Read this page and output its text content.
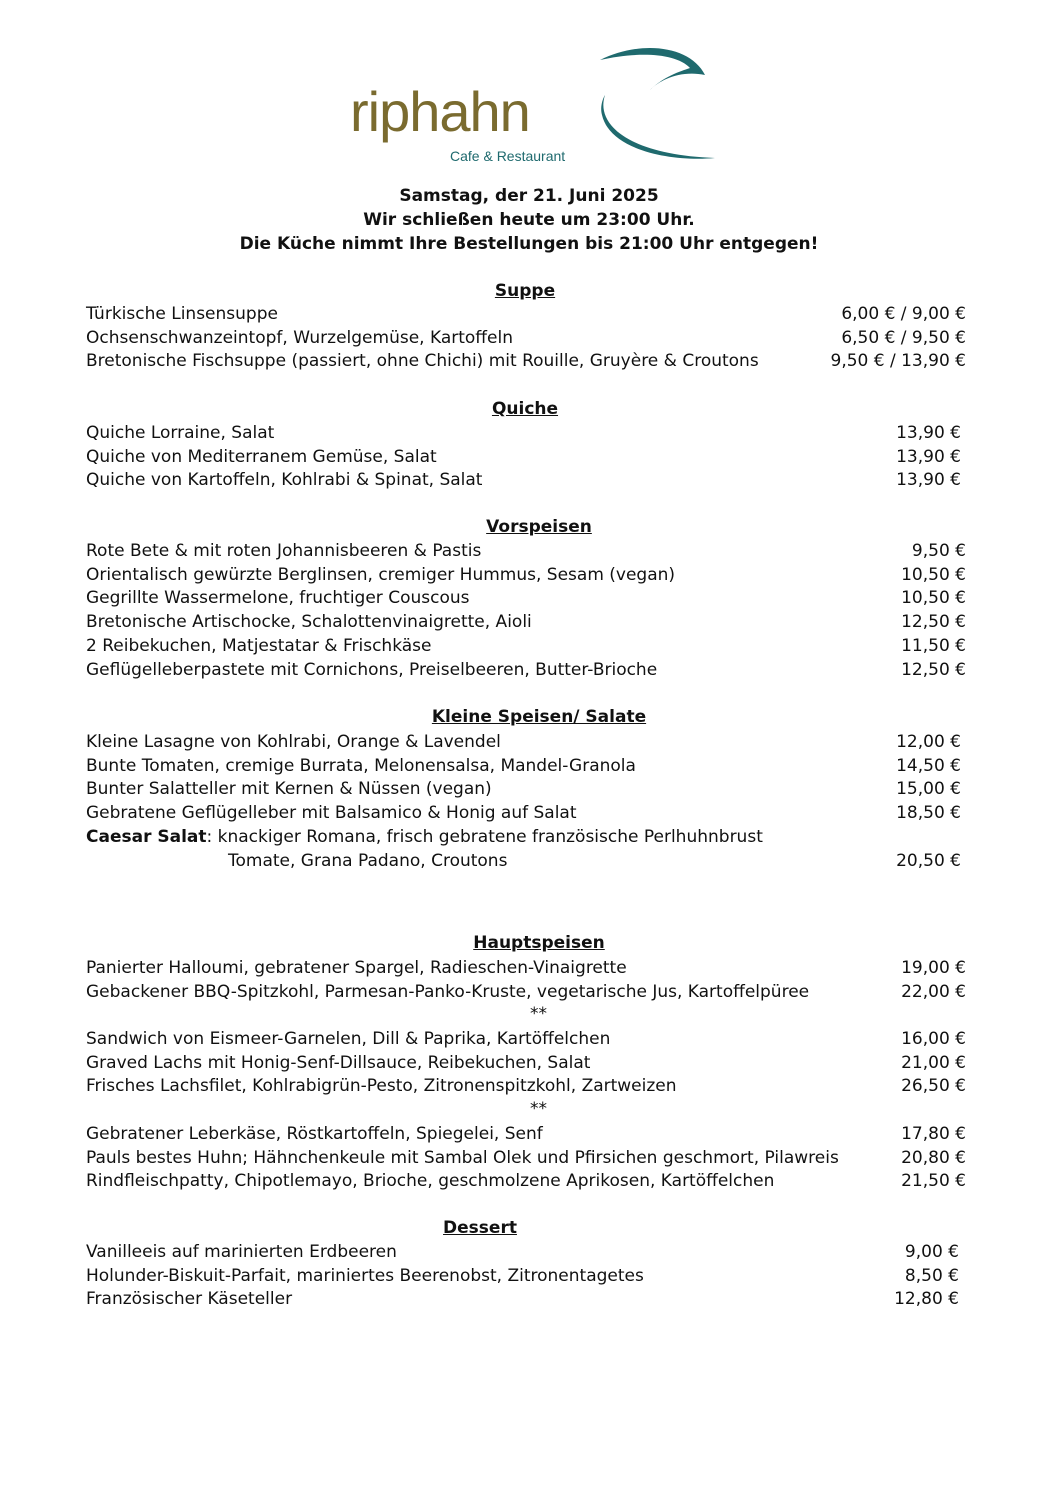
riphahn
Cafe & Restaurant
Samstag, der 21. Juni 2025
Wir schließen heute um 23:00 Uhr.
Die Küche nimmt Ihre Bestellungen bis 21:00 Uhr entgegen!
Suppe
Türkische Linsensuppe	6,00 € / 9,00 €
Ochsenschwanzeintopf, Wurzelgemüse, Kartoffeln	6,50 € / 9,50 €
Bretonische Fischsuppe (passiert, ohne Chichi) mit Rouille, Gruyère & Croutons	9,50 € / 13,90 €
Quiche
Quiche Lorraine, Salat	13,90 €
Quiche von Mediterranem Gemüse, Salat	13,90 €
Quiche von Kartoffeln, Kohlrabi & Spinat, Salat	13,90 €
Vorspeisen
Rote Bete & mit roten Johannisbeeren & Pastis	9,50 €
Orientalisch gewürzte Berglinsen, cremiger Hummus, Sesam (vegan)	10,50 €
Gegrillte Wassermelone, fruchtiger Couscous	10,50 €
Bretonische Artischocke, Schalottenvinaigrette, Aioli	12,50 €
2 Reibekuchen, Matjestatar & Frischkäse	11,50 €
Geflügelleberpastete mit Cornichons, Preiselbeeren, Butter-Brioche	12,50 €
Kleine Speisen/ Salate
Kleine Lasagne von Kohlrabi, Orange & Lavendel	12,00 €
Bunte Tomaten, cremige Burrata, Melonensalsa, Mandel-Granola	14,50 €
Bunter Salatteller mit Kernen & Nüssen (vegan)	15,00 €
Gebratene Geflügelleber mit Balsamico & Honig auf Salat	18,50 €
Caesar Salat: knackiger Romana, frisch gebratene französische Perlhuhnbrust
Tomate, Grana Padano, Croutons	20,50 €
Hauptspeisen
Panierter Halloumi, gebratener Spargel, Radieschen-Vinaigrette	19,00 €
Gebackener BBQ-Spitzkohl, Parmesan-Panko-Kruste, vegetarische Jus, Kartoffelpüree	22,00 €
**
Sandwich von Eismeer-Garnelen, Dill & Paprika, Kartöffelchen	16,00 €
Graved Lachs mit Honig-Senf-Dillsauce, Reibekuchen, Salat	21,00 €
Frisches Lachsfilet, Kohlrabigrün-Pesto, Zitronenspitzkohl, Zartweizen	26,50 €
**
Gebratener Leberkäse, Röstkartoffeln, Spiegelei, Senf	17,80 €
Pauls bestes Huhn; Hähnchenkeule mit Sambal Olek und Pfirsichen geschmort, Pilawreis	20,80 €
Rindfleischpatty, Chipotlemayo, Brioche, geschmolzene Aprikosen, Kartöffelchen	21,50 €
Dessert
Vanilleeis auf marinierten Erdbeeren	9,00 €
Holunder-Biskuit-Parfait, mariniertes Beerenobst, Zitronentagetes	8,50 €
Französischer Käseteller	12,80 €
